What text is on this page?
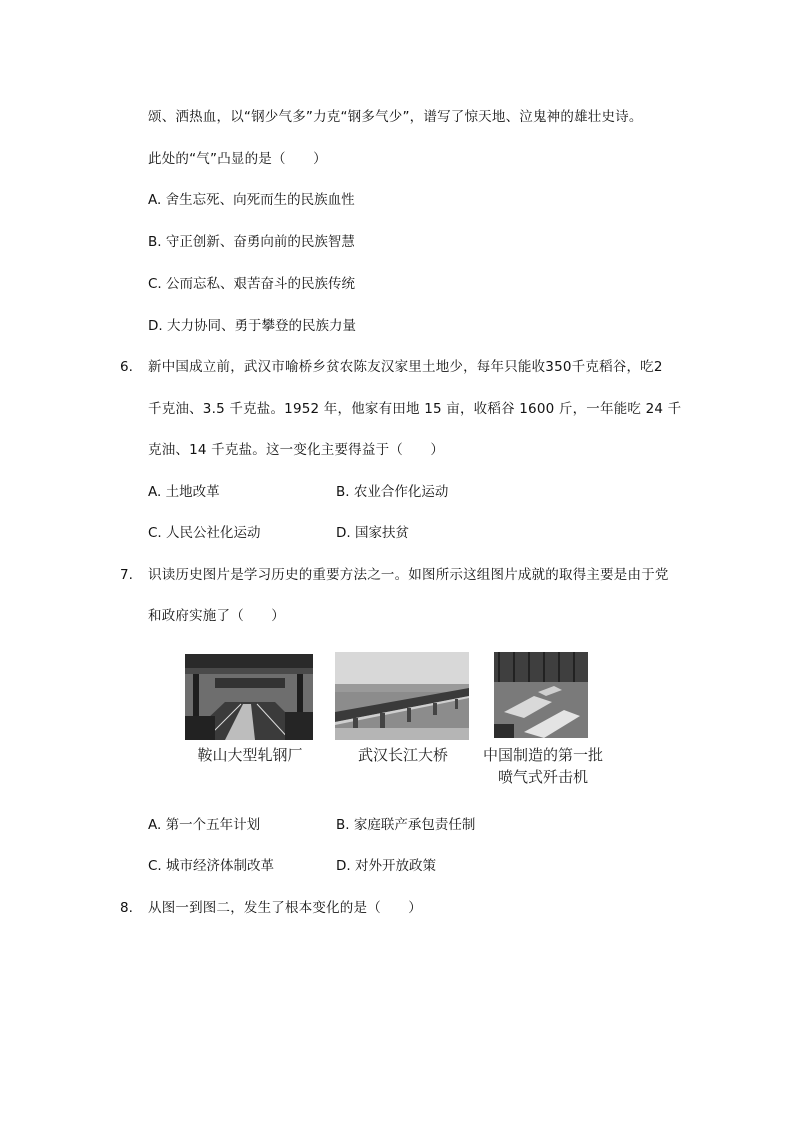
颂、洒热血，以“钢少气多”力克“钢多气少”，谱写了惊天地、泣鬼神的雄壮史诗。
此处的“气”凸显的是（　　）
A. 舍生忘死、向死而生的民族血性
B. 守正创新、奋勇向前的民族智慧
C. 公而忘私、艰苦奋斗的民族传统
D. 大力协同、勇于攀登的民族力量
6. 新中国成立前，武汉市喻桥乡贫农陈友汉家里土地少，每年只能收350千克稻谷，吃2
千克油、3.5 千克盐。1952 年，他家有田地 15 亩，收稻谷 1600 斤，一年能吃 24 千
克油、14 千克盐。这一变化主要得益于（　　）
A. 土地改革	B. 农业合作化运动
C. 人民公社化运动	D. 国家扶贫
7. 识读历史图片是学习历史的重要方法之一。如图所示这组图片成就的取得主要是由于党
和政府实施了（　　）
鞍山大型轧钢厂	武汉长江大桥	中国制造的第一批
喷气式歼击机
A. 第一个五年计划	B. 家庭联产承包责任制
C. 城市经济体制改革	D. 对外开放政策
8. 从图一到图二，发生了根本变化的是（　　）
